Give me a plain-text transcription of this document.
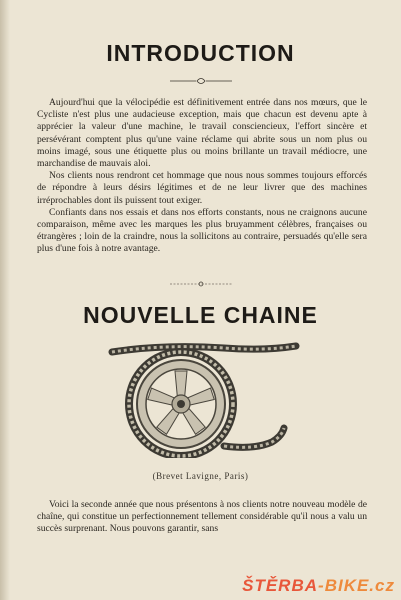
INTRODUCTION

Aujourd'hui que la vélocipédie est définitivement entrée dans nos mœurs, que le Cycliste n'est plus une audacieuse exception, mais que chacun est devenu apte à apprécier la valeur d'une machine, le travail consciencieux, l'effort sincère et persévérant comptent plus qu'une vaine réclame qui abrite sous un nom plus ou moins imagé, sous une étiquette plus ou moins brillante un travail médiocre, une marchandise de mauvais aloi.

Nos clients nous rendront cet hommage que nous nous sommes toujours efforcés de répondre à leurs désirs légitimes et de ne leur livrer que des machines irréprochables dont ils puissent tout exiger.

Confiants dans nos essais et dans nos efforts constants, nous ne craignons aucune comparaison, même avec les marques les plus bruyamment célèbres, françaises ou étrangères ; loin de la craindre, nous la sollicitons au contraire, persuadés qu'elle sera plus d'une fois à notre avantage.

NOUVELLE CHAINE
(Brevet Lavigne, Paris)

Voici la seconde année que nous présentons à nos clients notre nouveau modèle de chaîne, qui constitue un perfectionnement tellement considérable qu'il nous a valu un succès surprenant. Nous pouvons garantir, sans

ŠTĚRBA-BIKE.cz
